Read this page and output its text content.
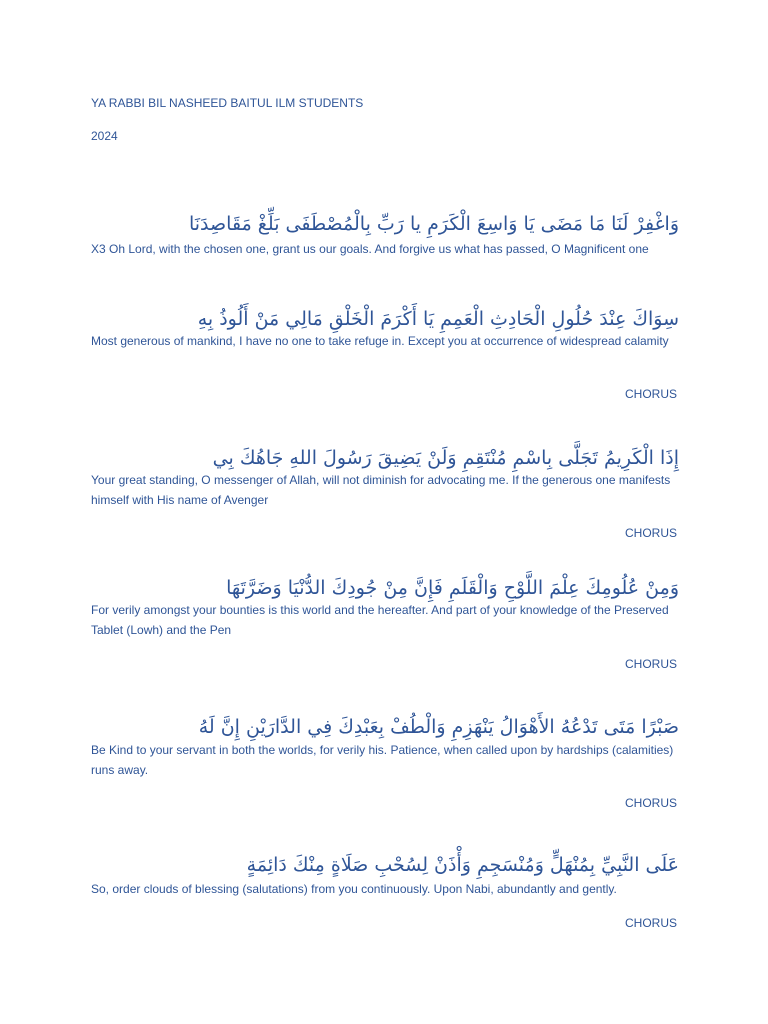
YA RABBI BIL NASHEED BAITUL ILM STUDENTS
2024
وَاغْفِرْ لَنَا مَا مَضَى يَا وَاسِعَ الْكَرَمِ يا رَبِّ بِالْمُصْطَفَى بَلِّغْ مَقَاصِدَنَا
X3 Oh Lord, with the chosen one, grant us our goals. And forgive us what has passed, O Magnificent one
سِوَاكَ عِنْدَ حُلُولِ الْحَادِثِ الْعَمِمِ يَا أَكْرَمَ الْخَلْقِ مَالِي مَنْ أَلُوذُ بِهِ
Most generous of mankind, I have no one to take refuge in. Except you at occurrence of widespread calamity
CHORUS
إِذَا الْكَرِيمُ تَجَلَّى بِاسْمِ مُنْتَقِمِ وَلَنْ يَضِيقَ رَسُولَ اللهِ جَاهُكَ بِي
Your great standing, O messenger of Allah, will not diminish for advocating me. If the generous one manifests himself with His name of Avenger
CHORUS
وَمِنْ عُلُومِكَ عِلْمَ اللَّوْحِ وَالْقَلَمِ فَإِنَّ مِنْ جُودِكَ الدُّنْيَا وَضَرَّتَهَا
For verily amongst your bounties is this world and the hereafter. And part of your knowledge of the Preserved Tablet (Lowh) and the Pen
CHORUS
صَبْرًا مَتَى تَدْعُهُ الأَهْوَالُ يَنْهَزِمِ وَالْطُفْ بِعَبْدِكَ فِي الدَّارَيْنِ إِنَّ لَهُ
Be Kind to your servant in both the worlds, for verily his. Patience, when called upon by hardships (calamities) runs away.
CHORUS
عَلَى النَّبِيِّ بِمُنْهَلٍّ وَمُنْسَجِمِ وَأْذَنْ لِسُحْبِ صَلَاةٍ مِنْكَ دَائِمَةٍ
So, order clouds of blessing (salutations) from you continuously. Upon Nabi, abundantly and gently.
CHORUS
